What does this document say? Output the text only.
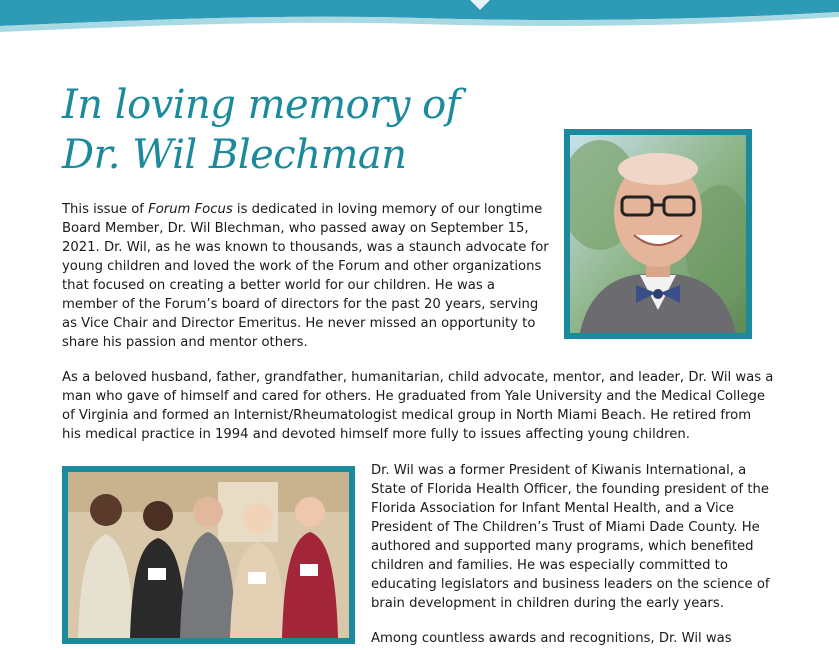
In loving memory of
Dr. Wil Blechman

This issue of Forum Focus is dedicated in loving memory of our longtime Board Member, Dr. Wil Blechman, who passed away on September 15, 2021. Dr. Wil, as he was known to thousands, was a staunch advocate for young children and loved the work of the Forum and other organizations that focused on creating a better world for our children. He was a member of the Forum’s board of directors for the past 20 years, serving as Vice Chair and Director Emeritus. He never missed an opportunity to share his passion and mentor others.

As a beloved husband, father, grandfather, humanitarian, child advocate, mentor, and leader, Dr. Wil was a man who gave of himself and cared for others. He graduated from Yale University and the Medical College of Virginia and formed an Internist/Rheumatologist medical group in North Miami Beach. He retired from his medical practice in 1994 and devoted himself more fully to issues affecting young children.

Dr. Wil was a former President of Kiwanis International, a State of Florida Health Officer, the founding president of the Florida Association for Infant Mental Health, and a Vice President of The Children’s Trust of Miami Dade County. He authored and supported many programs, which benefited children and families. He was especially committed to educating legislators and business leaders on the science of brain development in children during the early years.

Among countless awards and recognitions, Dr. Wil was
